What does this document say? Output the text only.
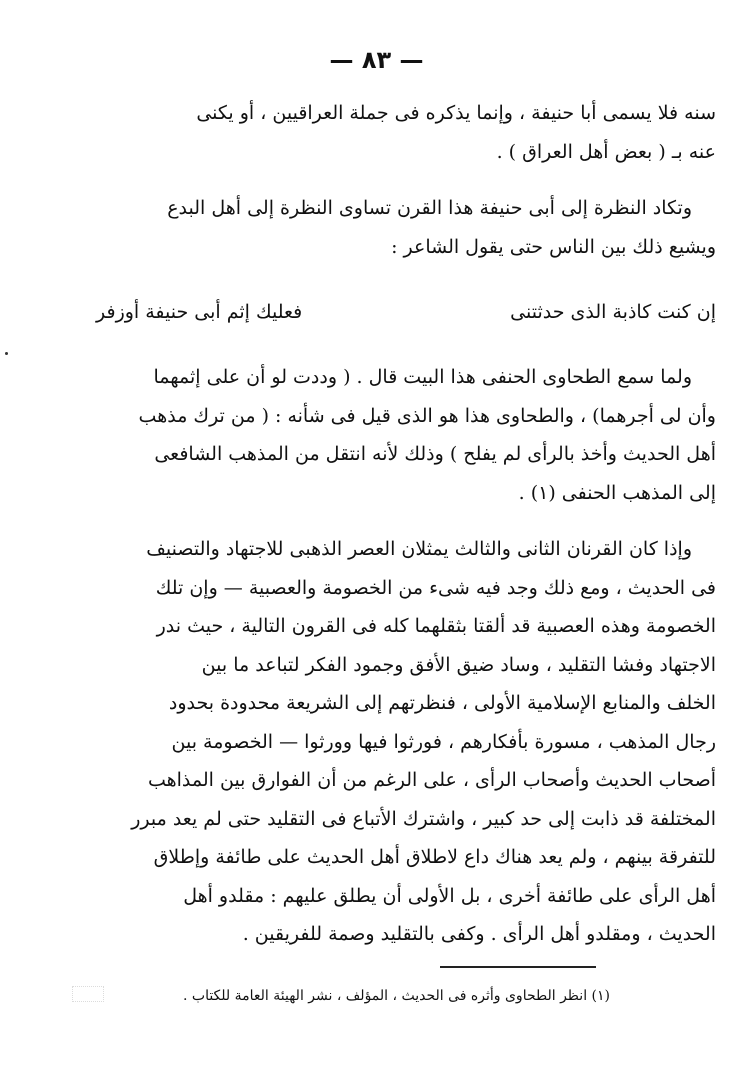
— ٨٣ —
سنه فلا يسمى أبا حنيفة ، وإنما يذكره فى جملة العراقيين ، أو يكنى
عنه بـ ( بعض أهل العراق ) .
وتكاد النظرة إلى أبى حنيفة هذا القرن تساوى النظرة إلى أهل البدع
ويشيع ذلك بين الناس حتى يقول الشاعر :
إن كنت كاذبة الذى حدثتنى
فعليك إثم أبى حنيفة أوزفر
ولما سمع الطحاوى الحنفى هذا البيت قال . ( وددت لو أن على إثمهما
وأن لى أجرهما) ، والطحاوى هذا هو الذى قيل فى شأنه : ( من ترك مذهب
أهل الحديث وأخذ بالرأى لم يفلح ) وذلك لأنه انتقل من المذهب الشافعى
إلى المذهب الحنفى (١) .
وإذا كان القرنان الثانى والثالث يمثلان العصر الذهبى للاجتهاد والتصنيف
فى الحديث ، ومع ذلك وجد فيه شىء من الخصومة والعصبية — وإن تلك
الخصومة وهذه العصبية قد ألقتا بثقلهما كله فى القرون التالية ، حيث ندر
الاجتهاد وفشا التقليد ، وساد ضيق الأفق وجمود الفكر لتباعد ما بين
الخلف والمنابع الإسلامية الأولى ، فنظرتهم إلى الشريعة محدودة بحدود
رجال المذهب ، مسورة بأفكارهم ، فورثوا فيها وورثوا — الخصومة بين
أصحاب الحديث وأصحاب الرأى ، على الرغم من أن الفوارق بين المذاهب
المختلفة قد ذابت إلى حد كبير ، واشترك الأتباع فى التقليد حتى لم يعد مبرر
للتفرقة بينهم ، ولم يعد هناك داع لاطلاق أهل الحديث على طائفة وإطلاق
أهل الرأى على طائفة أخرى ، بل الأولى أن يطلق عليهم : مقلدو أهل
الحديث ، ومقلدو أهل الرأى . وكفى بالتقليد وصمة للفريقين .
(١) انظر الطحاوى وأثره فى الحديث ، المؤلف ، نشر الهيئة العامة للكتاب .
